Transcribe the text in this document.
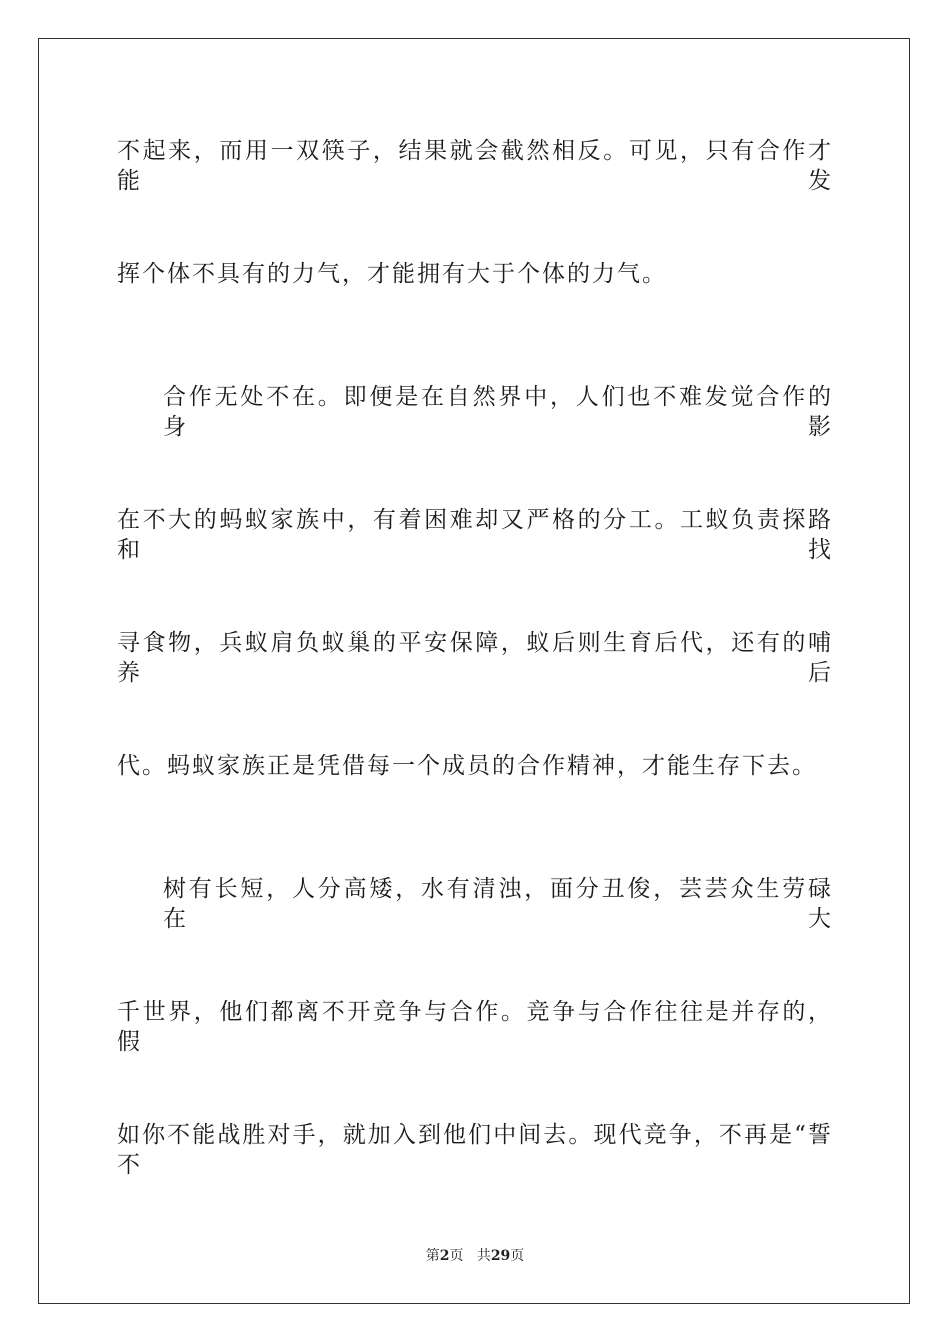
不起来，而用一双筷子，结果就会截然相反。可见，只有合作才能发
挥个体不具有的力气，才能拥有大于个体的力气。
合作无处不在。即便是在自然界中，人们也不难发觉合作的身影
在不大的蚂蚁家族中，有着困难却又严格的分工。工蚁负责探路和找
寻食物，兵蚁肩负蚁巢的平安保障，蚁后则生育后代，还有的哺养后
代。蚂蚁家族正是凭借每一个成员的合作精神，才能生存下去。
树有长短，人分高矮，水有清浊，面分丑俊，芸芸众生劳碌在大
千世界，他们都离不开竞争与合作。竞争与合作往往是并存的， 假
如你不能战胜对手，就加入到他们中间去。现代竞争，不再是“誓不
第2页 共29页
